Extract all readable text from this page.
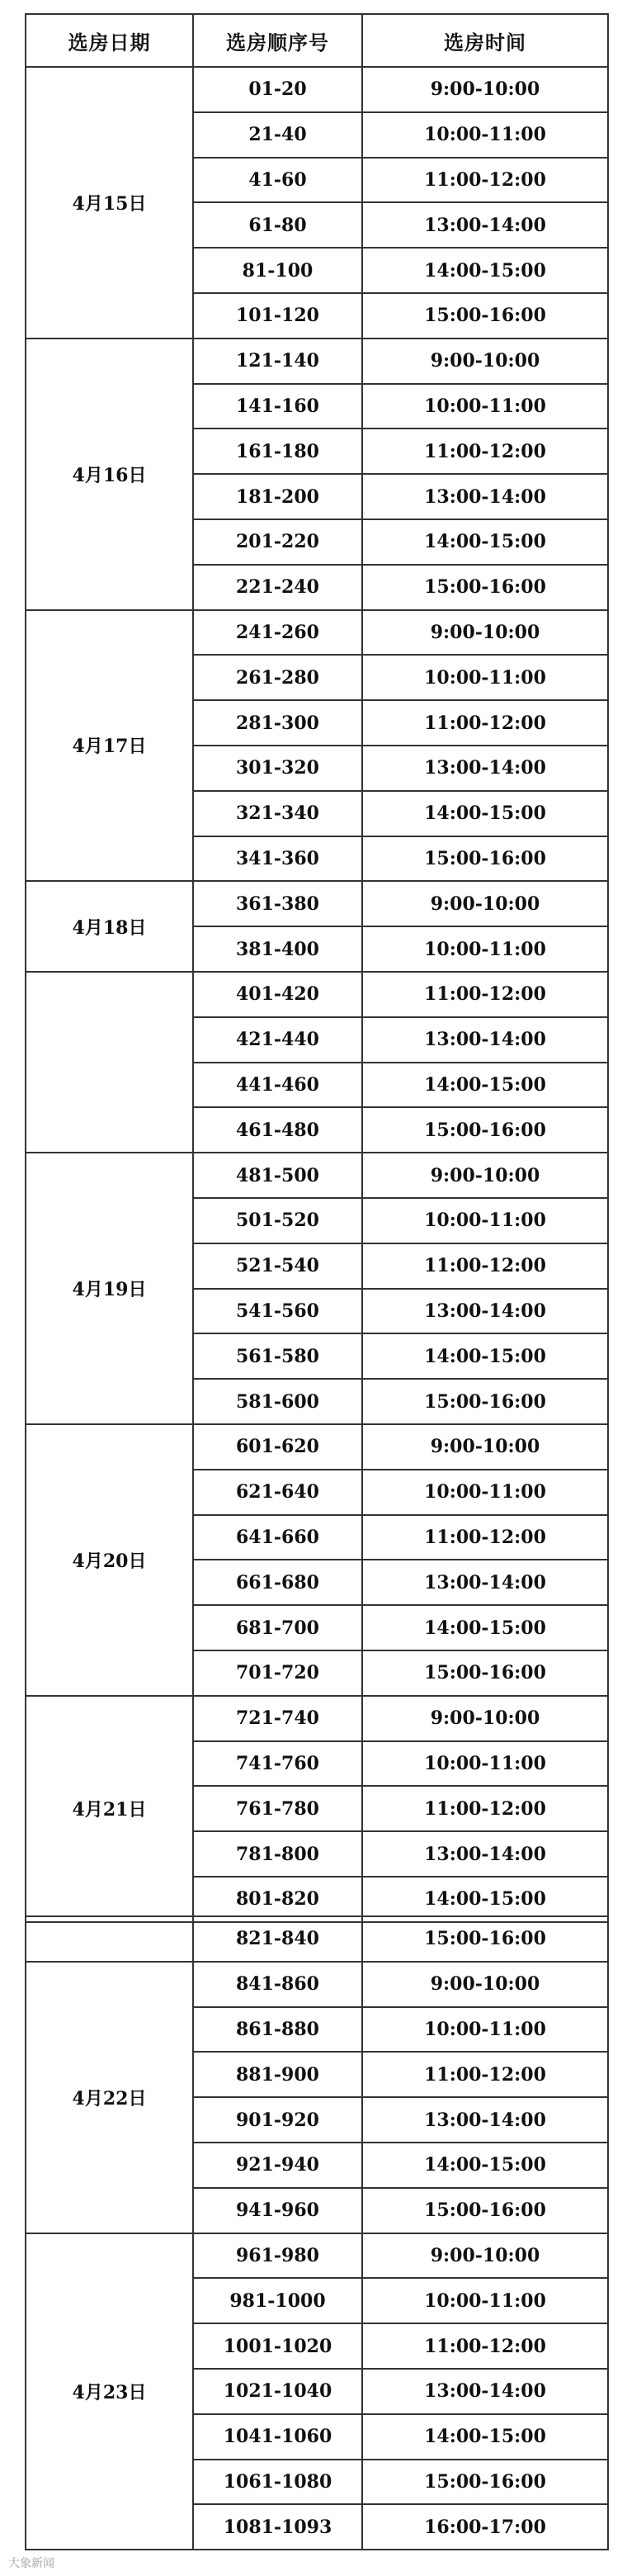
选房日期	选房顺序号	选房时间
4月15日	01-20	9:00-10:00
	21-40	10:00-11:00
	41-60	11:00-12:00
	61-80	13:00-14:00
	81-100	14:00-15:00
	101-120	15:00-16:00
4月16日	121-140	9:00-10:00
	141-160	10:00-11:00
	161-180	11:00-12:00
	181-200	13:00-14:00
	201-220	14:00-15:00
	221-240	15:00-16:00
4月17日	241-260	9:00-10:00
	261-280	10:00-11:00
	281-300	11:00-12:00
	301-320	13:00-14:00
	321-340	14:00-15:00
	341-360	15:00-16:00
4月18日	361-380	9:00-10:00
	381-400	10:00-11:00
	401-420	11:00-12:00
	421-440	13:00-14:00
	441-460	14:00-15:00
	461-480	15:00-16:00
4月19日	481-500	9:00-10:00
	501-520	10:00-11:00
	521-540	11:00-12:00
	541-560	13:00-14:00
	561-580	14:00-15:00
	581-600	15:00-16:00
4月20日	601-620	9:00-10:00
	621-640	10:00-11:00
	641-660	11:00-12:00
	661-680	13:00-14:00
	681-700	14:00-15:00
	701-720	15:00-16:00
4月21日	721-740	9:00-10:00
	741-760	10:00-11:00
	761-780	11:00-12:00
	781-800	13:00-14:00
	801-820	14:00-15:00
	821-840	15:00-16:00
4月22日	841-860	9:00-10:00
	861-880	10:00-11:00
	881-900	11:00-12:00
	901-920	13:00-14:00
	921-940	14:00-15:00
	941-960	15:00-16:00
4月23日	961-980	9:00-10:00
	981-1000	10:00-11:00
	1001-1020	11:00-12:00
	1021-1040	13:00-14:00
	1041-1060	14:00-15:00
	1061-1080	15:00-16:00
	1081-1093	16:00-17:00
大象新闻
